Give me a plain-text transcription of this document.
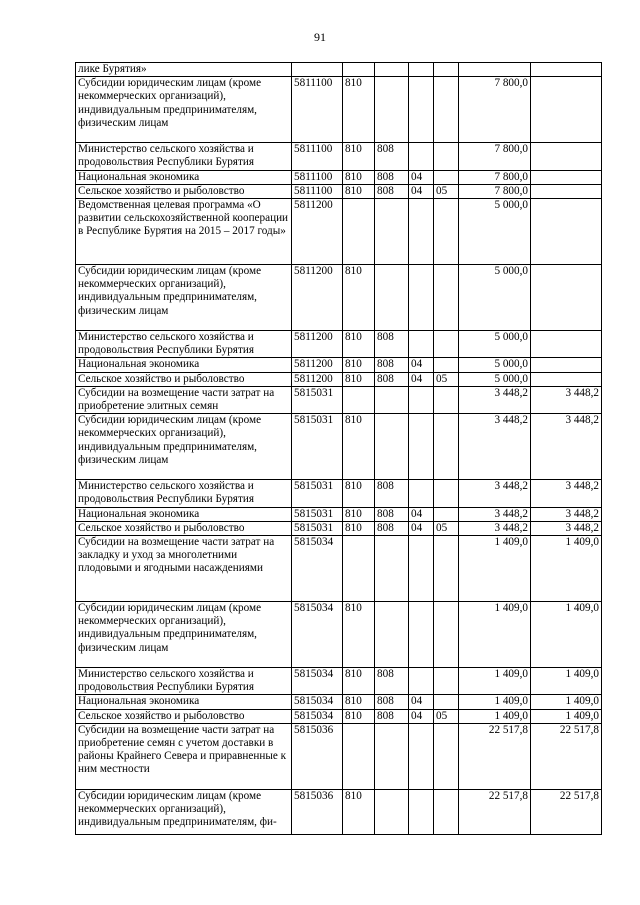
91
лике Бурятия»							
Субсидии юридическим лицам (кроме некоммерческих организаций), индивидуальным предпринимателям, физическим лицам	5811100	810				7 800,0	
Министерство сельского хозяйства и продовольствия Республики Бурятия	5811100	810	808			7 800,0	
Национальная экономика	5811100	810	808	04		7 800,0	
Сельское хозяйство и рыболовство	5811100	810	808	04	05	7 800,0	
Ведомственная целевая программа «О развитии сельскохозяйственной кооперации в Республике Бурятия на 2015 – 2017 годы»	5811200					5 000,0	
Субсидии юридическим лицам (кроме некоммерческих организаций), индивидуальным предпринимателям, физическим лицам	5811200	810				5 000,0	
Министерство сельского хозяйства и продовольствия Республики Бурятия	5811200	810	808			5 000,0	
Национальная экономика	5811200	810	808	04		5 000,0	
Сельское хозяйство и рыболовство	5811200	810	808	04	05	5 000,0	
Субсидии на возмещение части затрат на приобретение элитных семян	5815031					3 448,2	3 448,2
Субсидии юридическим лицам (кроме некоммерческих организаций), индивидуальным предпринимателям, физическим лицам	5815031	810				3 448,2	3 448,2
Министерство сельского хозяйства и продовольствия Республики Бурятия	5815031	810	808			3 448,2	3 448,2
Национальная экономика	5815031	810	808	04		3 448,2	3 448,2
Сельское хозяйство и рыболовство	5815031	810	808	04	05	3 448,2	3 448,2
Субсидии на возмещение части затрат на закладку и уход за многолетними плодовыми и ягодными насаждениями	5815034					1 409,0	1 409,0
Субсидии юридическим лицам (кроме некоммерческих организаций), индивидуальным предпринимателям, физическим лицам	5815034	810				1 409,0	1 409,0
Министерство сельского хозяйства и продовольствия Республики Бурятия	5815034	810	808			1 409,0	1 409,0
Национальная экономика	5815034	810	808	04		1 409,0	1 409,0
Сельское хозяйство и рыболовство	5815034	810	808	04	05	1 409,0	1 409,0
Субсидии на возмещение части затрат на приобретение семян с учетом доставки в районы Крайнего Севера и приравненные к ним местности	5815036					22 517,8	22 517,8
Субсидии юридическим лицам (кроме некоммерческих организаций), индивидуальным предпринимателям, фи-	5815036	810				22 517,8	22 517,8
